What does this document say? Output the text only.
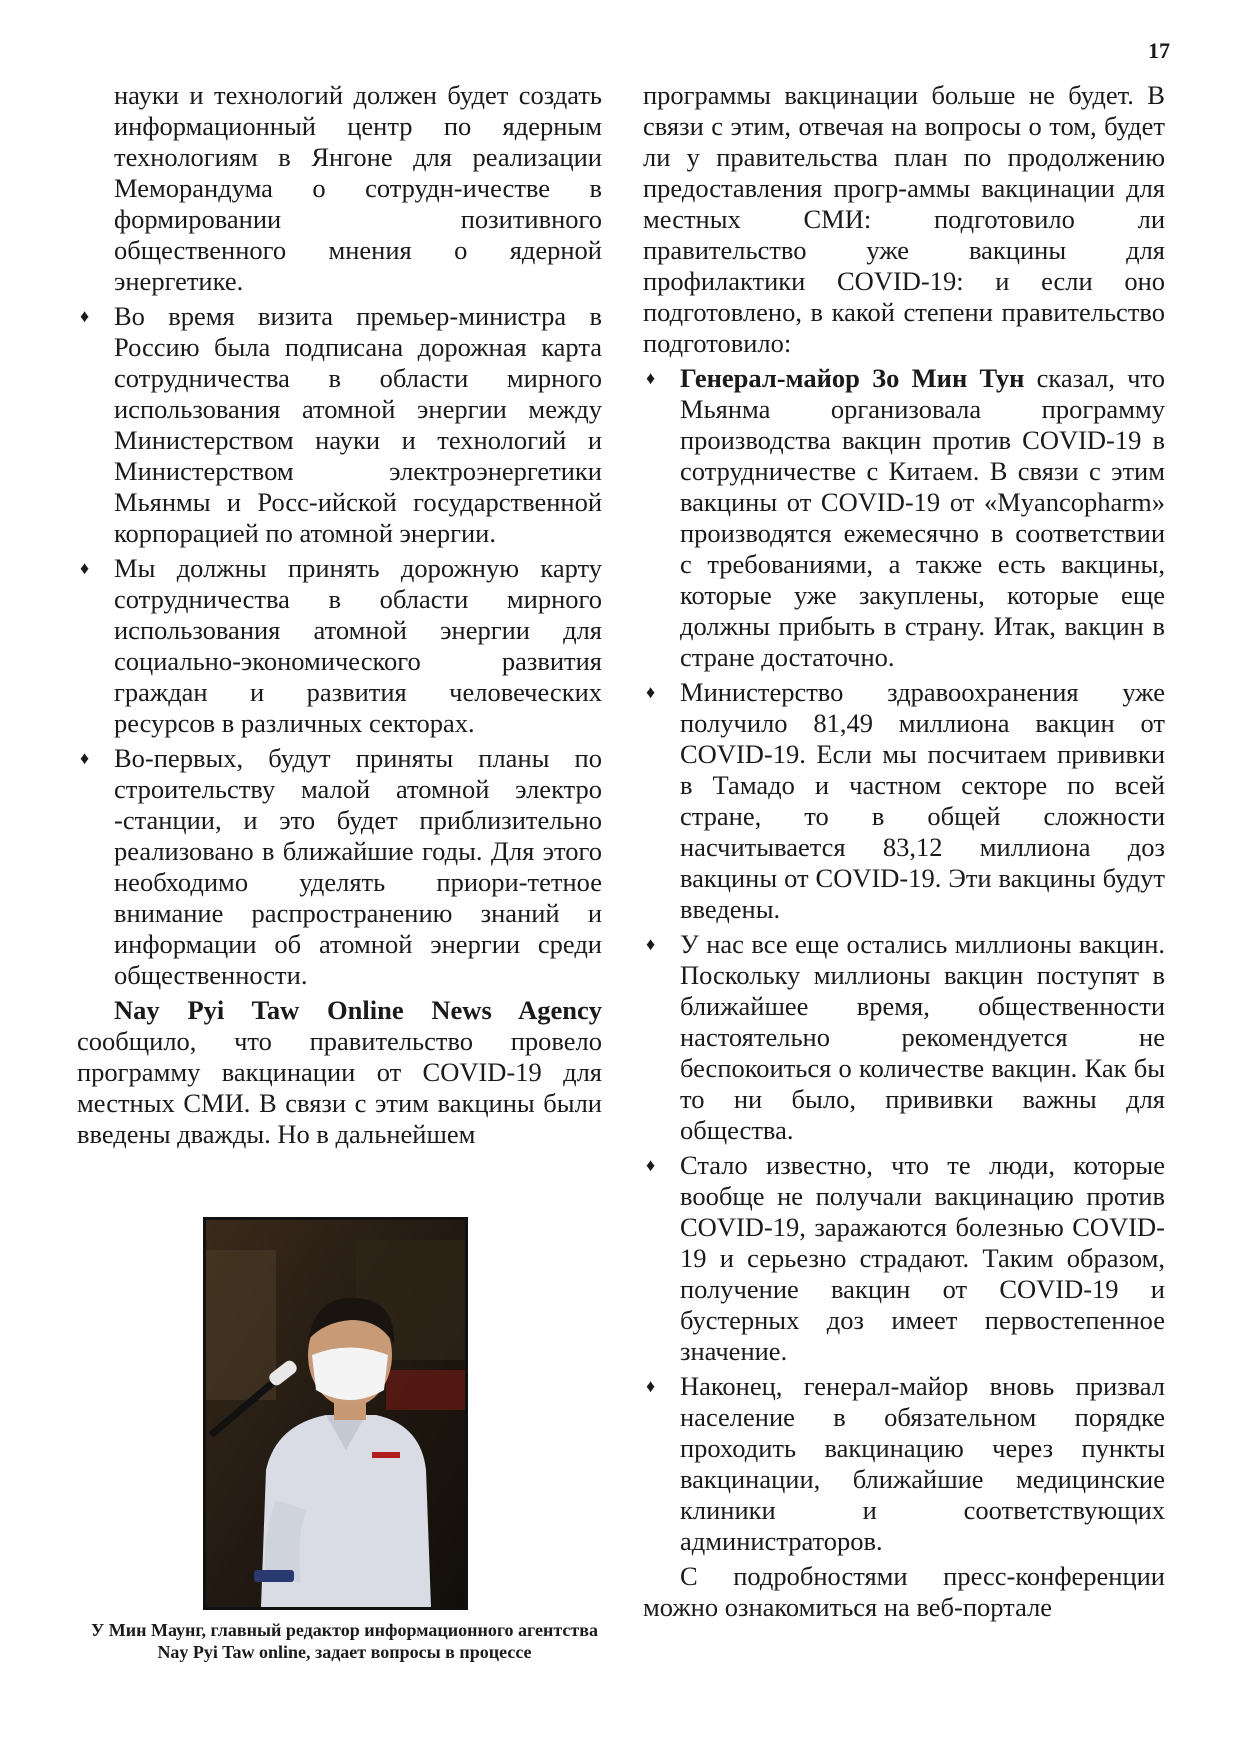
17

науки и технологий должен будет создать информационный центр по ядерным технологиям в Янгоне для реализации Меморандума о сотрудн-ичестве в формировании позитивного общественного мнения о ядерной энергетике.

♦ Во время визита премьер-министра в Россию была подписана дорожная карта сотрудничества в области мирного использования атомной энергии между Министерством науки и технологий и Министерством электроэнергетики Мьянмы и Росс-ийской государственной корпорацией по атомной энергии.
♦ Мы должны принять дорожную карту сотрудничества в области мирного использования атомной энергии для социально-экономического развития граждан и развития человеческих ресурсов в различных секторах.
♦ Во-первых, будут приняты планы по строительству малой атомной электро -станции, и это будет приблизительно реализовано в ближайшие годы. Для этого необходимо уделять приори-тетное внимание распространению знаний и информации об атомной энергии среди общественности.

Nay Pyi Taw Online News Agency сообщило, что правительство провело программу вакцинации от COVID-19 для местных СМИ. В связи с этим вакцины были введены дважды. Но в дальнейшем

У Мин Маунг, главный редактор информационного агентства Nay Pyi Taw online, задает вопросы в процессе

программы вакцинации больше не будет. В связи с этим, отвечая на вопросы о том, будет ли у правительства план по продолжению предоставления прогр-аммы вакцинации для местных СМИ: подготовило ли правительство уже вакцины для профилактики COVID-19: и если оно подготовлено, в какой степени правительство подготовило:

♦ Генерал-майор Зо Мин Тун сказал, что Мьянма организовала программу производства вакцин против COVID-19 в сотрудничестве с Китаем. В связи с этим вакцины от COVID-19 от «Myancopharm» производятся ежемесячно в соответствии с требованиями, а также есть вакцины, которые уже закуплены, которые еще должны прибыть в страну. Итак, вакцин в стране достаточно.
♦ Министерство здравоохранения уже получило 81,49 миллиона вакцин от COVID-19. Если мы посчитаем прививки в Тамадо и частном секторе по всей стране, то в общей сложности насчитывается 83,12 миллиона доз вакцины от COVID-19. Эти вакцины будут введены.
♦ У нас все еще остались миллионы вакцин. Поскольку миллионы вакцин поступят в ближайшее время, общественности настоятельно рекомендуется не беспокоиться о количестве вакцин. Как бы то ни было, прививки важны для общества.
♦ Стало известно, что те люди, которые вообще не получали вакцинацию против COVID-19, заражаются болезнью COVID-19 и серьезно страдают. Таким образом, получение вакцин от COVID-19 и бустерных доз имеет первостепенное значение.
♦ Наконец, генерал-майор вновь призвал население в обязательном порядке проходить вакцинацию через пункты вакцинации, ближайшие медицинские клиники и соответствующих администраторов.

С подробностями пресс-конференции можно ознакомиться на веб-портале
